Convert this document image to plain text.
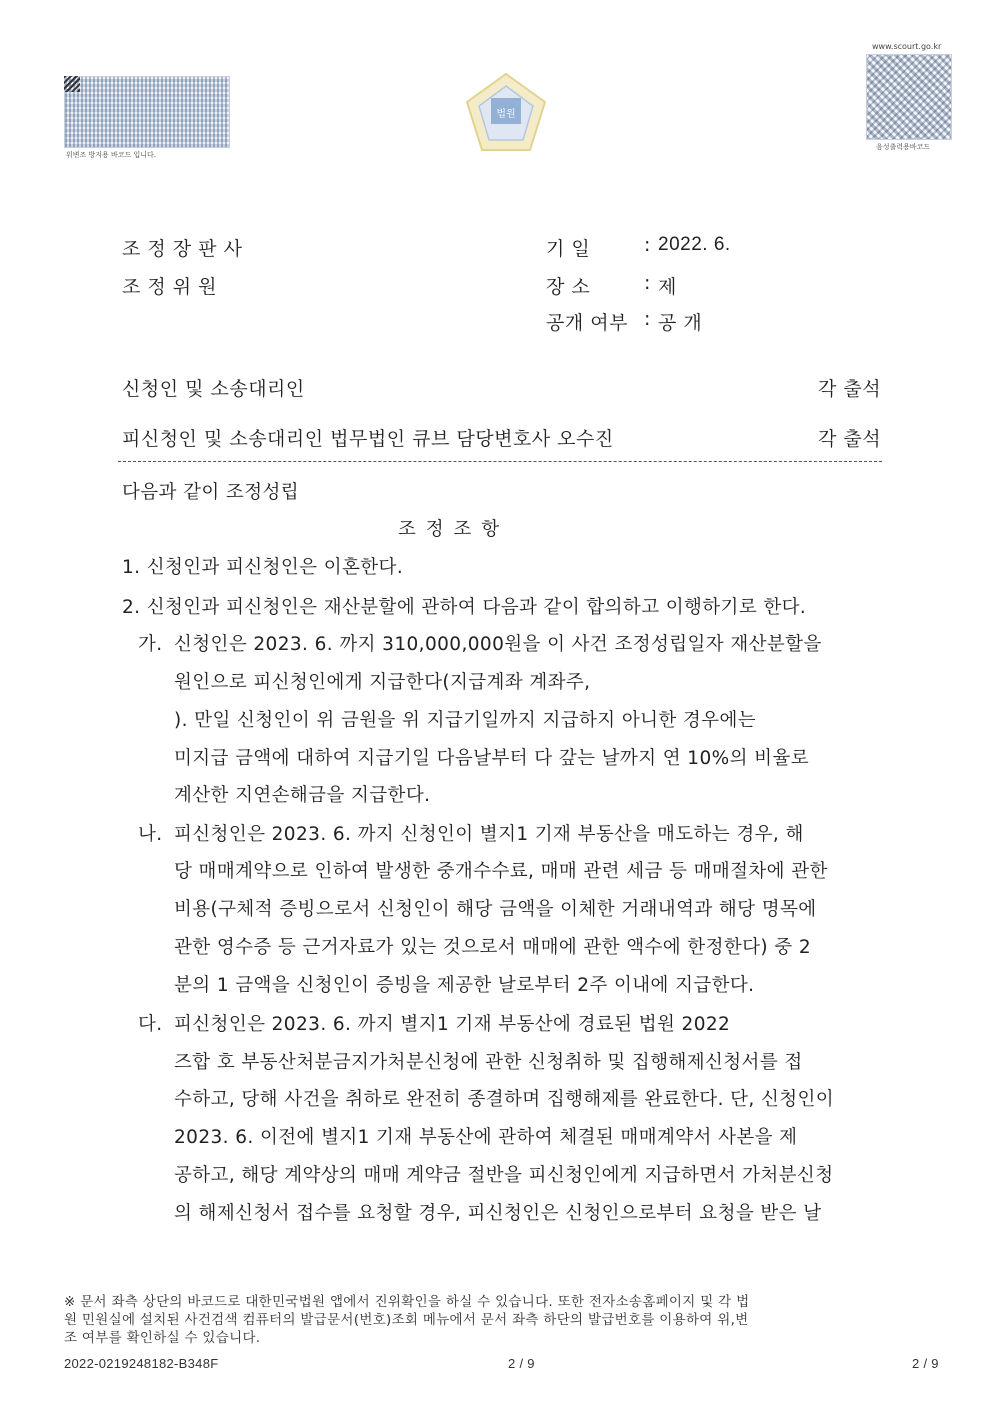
위변조 방지용 바코드 입니다.
법원
www.scourt.go.kr
음성출력용바코드
조 정 장 판 사
조 정 위 원
기 일	: 2022. 6.
장 소	: 제
공개 여부 : 공 개
신청인 및 소송대리인	각 출석
피신청인 및 소송대리인 법무법인 큐브 담당변호사 오수진	각 출석
다음과 같이 조정성립
조 정 조 항
1. 신청인과 피신청인은 이혼한다.
2. 신청인과 피신청인은 재산분할에 관하여 다음과 같이 합의하고 이행하기로 한다.
가. 신청인은 2023. 6. 까지 310,000,000원을 이 사건 조정성립일자 재산분할을
원인으로 피신청인에게 지급한다(지급계좌 계좌주,
). 만일 신청인이 위 금원을 위 지급기일까지 지급하지 아니한 경우에는
미지급 금액에 대하여 지급기일 다음날부터 다 갚는 날까지 연 10%의 비율로
계산한 지연손해금을 지급한다.
나. 피신청인은 2023. 6. 까지 신청인이 별지1 기재 부동산을 매도하는 경우, 해
당 매매계약으로 인하여 발생한 중개수수료, 매매 관련 세금 등 매매절차에 관한
비용(구체적 증빙으로서 신청인이 해당 금액을 이체한 거래내역과 해당 명목에
관한 영수증 등 근거자료가 있는 것으로서 매매에 관한 액수에 한정한다) 중 2
분의 1 금액을 신청인이 증빙을 제공한 날로부터 2주 이내에 지급한다.
다. 피신청인은 2023. 6. 까지 별지1 기재 부동산에 경료된 법원 2022
즈합 호 부동산처분금지가처분신청에 관한 신청취하 및 집행해제신청서를 접
수하고, 당해 사건을 취하로 완전히 종결하며 집행해제를 완료한다. 단, 신청인이
2023. 6. 이전에 별지1 기재 부동산에 관하여 체결된 매매계약서 사본을 제
공하고, 해당 계약상의 매매 계약금 절반을 피신청인에게 지급하면서 가처분신청
의 해제신청서 접수를 요청할 경우, 피신청인은 신청인으로부터 요청을 받은 날
※ 문서 좌측 상단의 바코드로 대한민국법원 앱에서 진위확인을 하실 수 있습니다. 또한 전자소송홈페이지 및 각 법
원 민원실에 설치된 사건검색 컴퓨터의 발급문서(번호)조회 메뉴에서 문서 좌측 하단의 발급번호를 이용하여 위,변
조 여부를 확인하실 수 있습니다.
2022-0219248182-B348F	2 / 9	2 / 9
